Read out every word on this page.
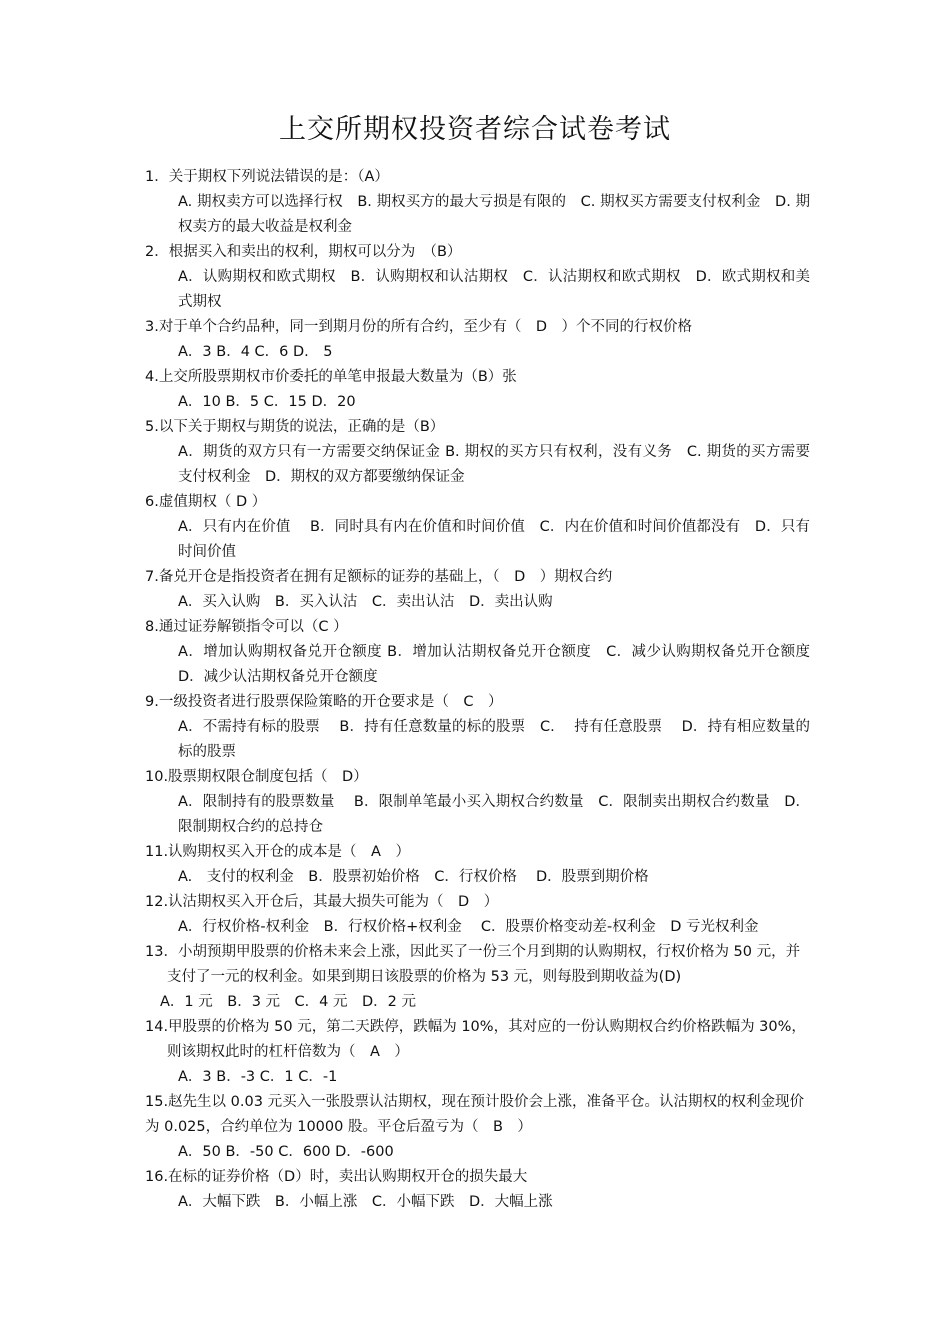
上交所期权投资者综合试卷考试
1．关于期权下列说法错误的是：（A）
A. 期权卖方可以选择行权　B. 期权买方的最大亏损是有限的　C. 期权买方需要支付权利金　D. 期权卖方的最大收益是权利金
2．根据买入和卖出的权利，期权可以分为　（B）
A．认购期权和欧式期权　B．认购期权和认沽期权　C．认沽期权和欧式期权　D．欧式期权和美式期权
3.对于单个合约品种，同一到期月份的所有合约，至少有（　D　）个不同的行权价格
A．3 B．4 C．6 D.　5
4.上交所股票期权市价委托的单笔申报最大数量为（B）张
A．10 B．5 C．15 D．20
5.以下关于期权与期货的说法，正确的是（B）
A．期货的双方只有一方需要交纳保证金 B. 期权的买方只有权利，没有义务　C. 期货的买方需要支付权利金　D．期权的双方都要缴纳保证金
6.虚值期权（ D ）
A．只有内在价值　 B．同时具有内在价值和时间价值　C．内在价值和时间价值都没有　D．只有时间价值
7.备兑开仓是指投资者在拥有足额标的证券的基础上，（　D　）期权合约
A．买入认购　B．买入认沽　C．卖出认沽　D．卖出认购
8.通过证券解锁指令可以（C ）
A．增加认购期权备兑开仓额度 B．增加认沽期权备兑开仓额度　C．减少认购期权备兑开仓额度　D．减少认沽期权备兑开仓额度
9.一级投资者进行股票保险策略的开仓要求是（　C　）
A．不需持有标的股票　 B．持有任意数量的标的股票　C.　 持有任意股票　 D．持有相应数量的标的股票
10.股票期权限仓制度包括（　D）
A．限制持有的股票数量　 B．限制单笔最小买入期权合约数量　C．限制卖出期权合约数量　D．限制期权合约的总持仓
11.认购期权买入开仓的成本是（　A　）
A.　支付的权利金　B．股票初始价格　C．行权价格　 D．股票到期价格
12.认沽期权买入开仓后，其最大损失可能为（　D　）
A．行权价格-权利金　B．行权价格+权利金　 C．股票价格变动差-权利金　D 亏光权利金
13．小胡预期甲股票的价格未来会上涨，因此买了一份三个月到期的认购期权，行权价格为 50 元，并支付了一元的权利金。如果到期日该股票的价格为 53 元，则每股到期收益为(D)
A．1 元　B．3 元　C．4 元　D．2 元
14.甲股票的价格为 50 元，第二天跌停，跌幅为 10%，其对应的一份认购期权合约价格跌幅为 30%，则该期权此时的杠杆倍数为（　A　）
A．3 B．-3 C．1 C．-1
15.赵先生以 0.03 元买入一张股票认沽期权，现在预计股价会上涨，准备平仓。认沽期权的权利金现价为 0.025，合约单位为 10000 股。平仓后盈亏为（　B　）
A．50 B．-50 C．600 D．-600
16.在标的证券价格（D）时，卖出认购期权开仓的损失最大
A．大幅下跌　B．小幅上涨　C．小幅下跌　D．大幅上涨
